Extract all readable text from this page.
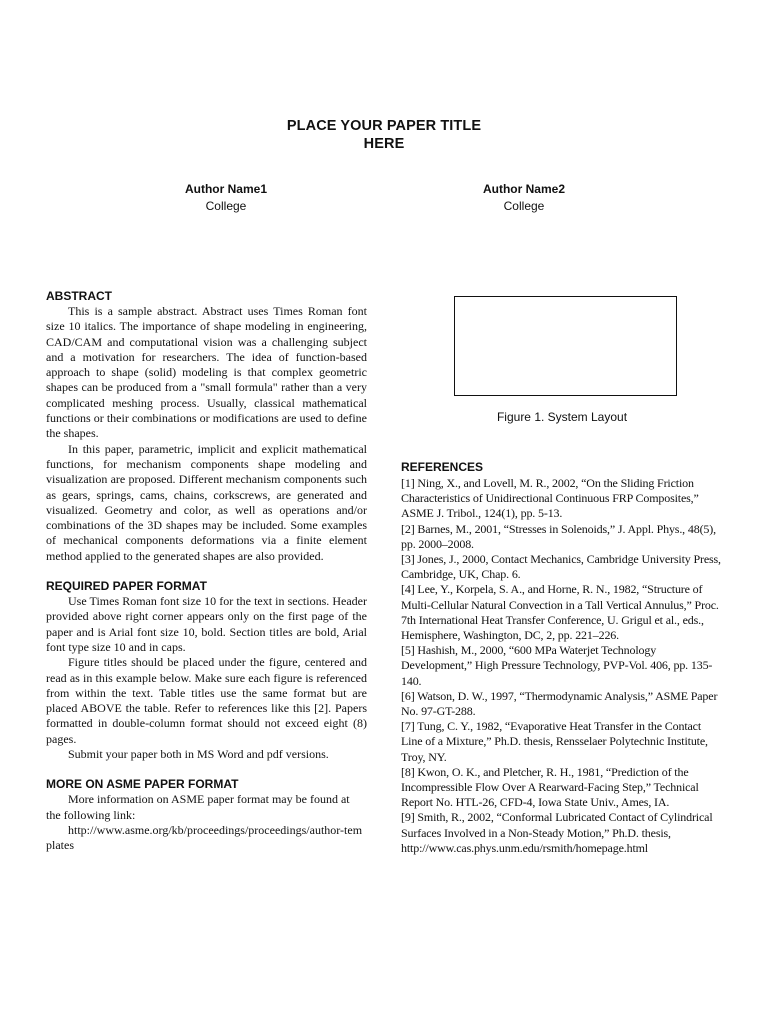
PLACE YOUR PAPER TITLE
HERE
Author Name1
College
Author Name2
College
ABSTRACT

This is a sample abstract. Abstract uses Times Roman font size 10 italics. The importance of shape modeling in engineering, CAD/CAM and computational vision was a challenging subject and a motivation for researchers. The idea of function-based approach to shape (solid) modeling is that complex geometric shapes can be produced from a "small formula" rather than a very complicated meshing process. Usually, classical mathematical functions or their combinations or modifications are used to define the shapes.

In this paper, parametric, implicit and explicit mathematical functions, for mechanism components shape modeling and visualization are proposed. Different mechanism components such as gears, springs, cams, chains, corkscrews, are generated and visualized. Geometry and color, as well as operations and/or combinations of the 3D shapes may be included. Some examples of mechanical components deformations via a finite element method applied to the generated shapes are also provided.

REQUIRED PAPER FORMAT

Use Times Roman font size 10 for the text in sections. Header provided above right corner appears only on the first page of the paper and is Arial font size 10, bold. Section titles are bold, Arial font type size 10 and in caps.

Figure titles should be placed under the figure, centered and read as in this example below. Make sure each figure is referenced from within the text. Table titles use the same format but are placed ABOVE the table. Refer to references like this [2]. Papers formatted in double-column format should not exceed eight (8) pages.

Submit your paper both in MS Word and pdf versions.

MORE ON ASME PAPER FORMAT

More information on ASME paper format may be found at the following link:

http://www.asme.org/kb/proceedings/proceedings/author-templates

Figure 1. System Layout
REFERENCES

[1] Ning, X., and Lovell, M. R., 2002, “On the Sliding Friction Characteristics of Unidirectional Continuous FRP Composites,” ASME J. Tribol., 124(1), pp. 5-13.

[2] Barnes, M., 2001, “Stresses in Solenoids,” J. Appl. Phys., 48(5), pp. 2000–2008.

[3] Jones, J., 2000, Contact Mechanics, Cambridge University Press, Cambridge, UK, Chap. 6.

[4] Lee, Y., Korpela, S. A., and Horne, R. N., 1982, “Structure of Multi-Cellular Natural Convection in a Tall Vertical Annulus,” Proc. 7th International Heat Transfer Conference, U. Grigul et al., eds., Hemisphere, Washington, DC, 2, pp. 221–226.

[5] Hashish, M., 2000, “600 MPa Waterjet Technology Development,” High Pressure Technology, PVP-Vol. 406, pp. 135-140.

[6] Watson, D. W., 1997, “Thermodynamic Analysis,” ASME Paper No. 97-GT-288.

[7] Tung, C. Y., 1982, “Evaporative Heat Transfer in the Contact Line of a Mixture,” Ph.D. thesis, Rensselaer Polytechnic Institute, Troy, NY.

[8] Kwon, O. K., and Pletcher, R. H., 1981, “Prediction of the Incompressible Flow Over A Rearward-Facing Step,” Technical Report No. HTL-26, CFD-4, Iowa State Univ., Ames, IA.

[9] Smith, R., 2002, “Conformal Lubricated Contact of Cylindrical Surfaces Involved in a Non-Steady Motion,” Ph.D. thesis, http://www.cas.phys.unm.edu/rsmith/homepage.html
